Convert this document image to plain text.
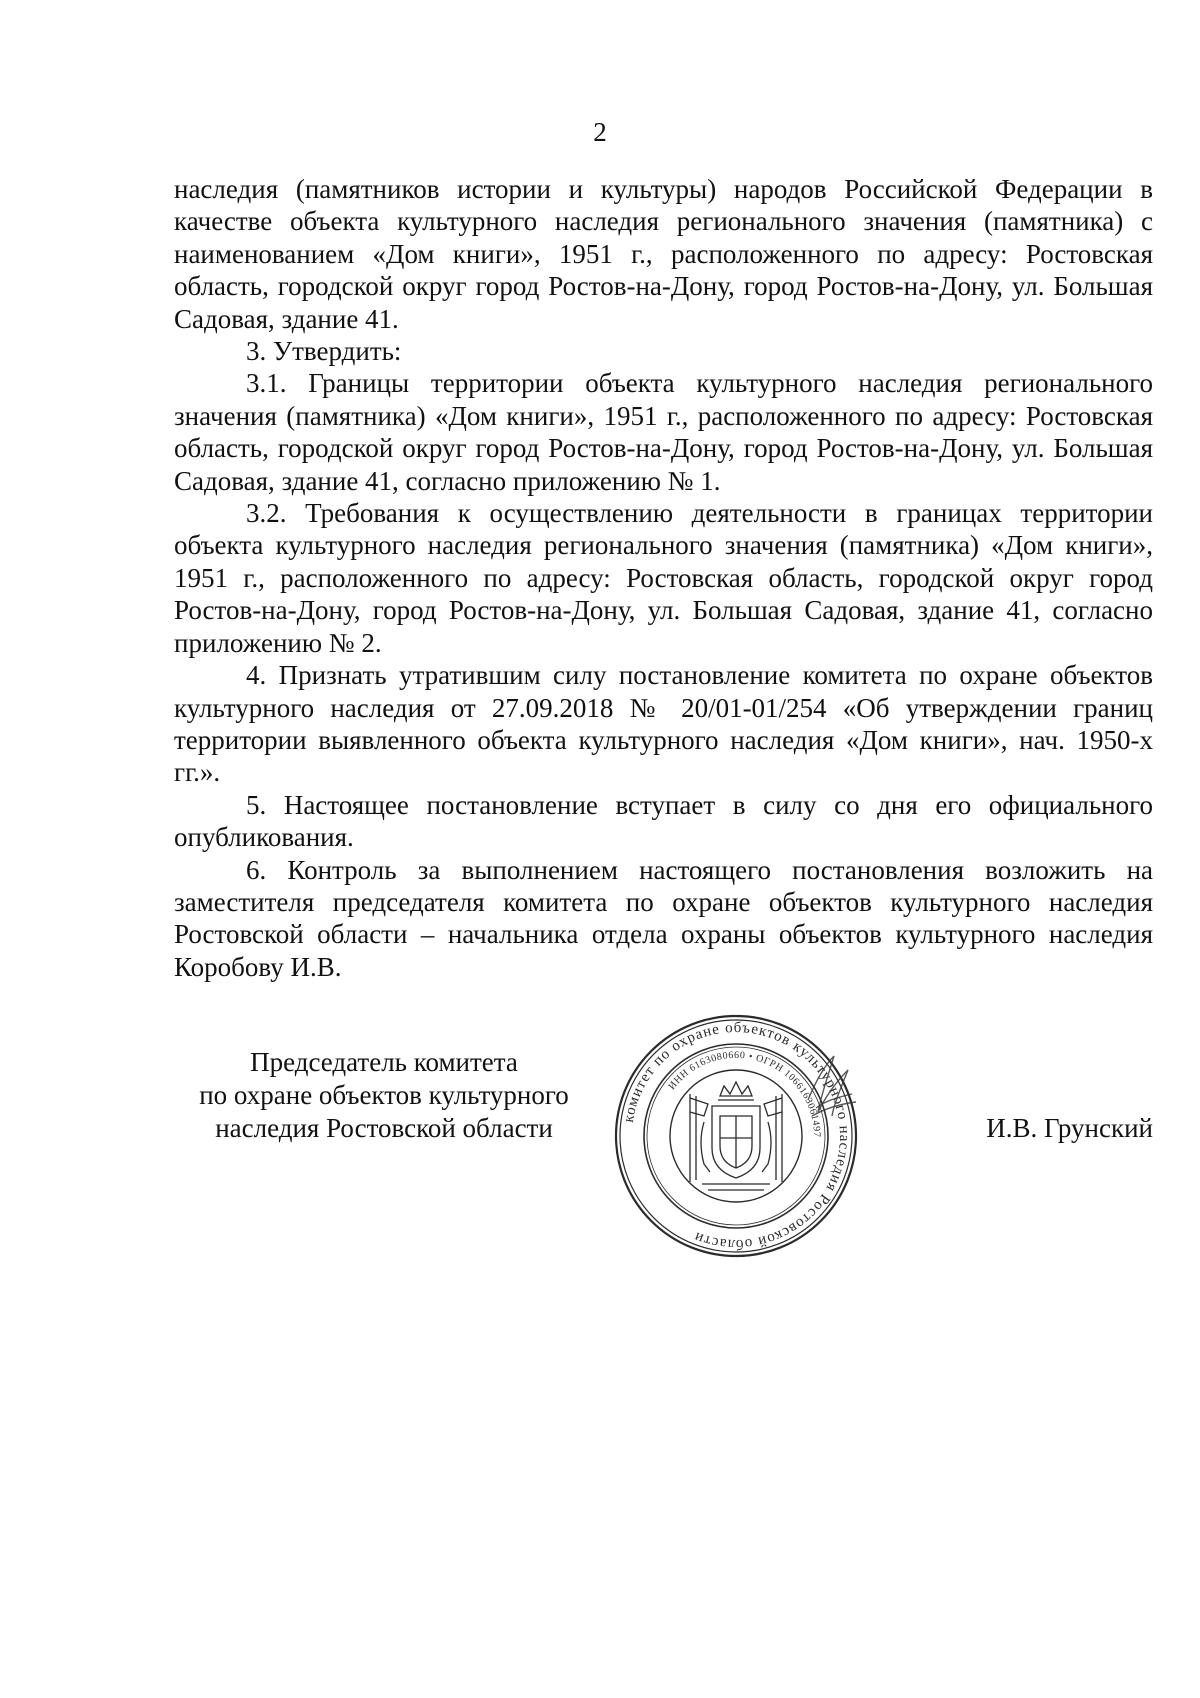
2

наследия (памятников истории и культуры) народов Российской Федерации в качестве объекта культурного наследия регионального значения (памятника) с наименованием «Дом книги», 1951 г., расположенного по адресу: Ростовская область, городской округ город Ростов-на-Дону, город Ростов-на-Дону, ул. Большая Садовая, здание 41.

3. Утвердить:

3.1. Границы территории объекта культурного наследия регионального значения (памятника) «Дом книги», 1951 г., расположенного по адресу: Ростовская область, городской округ город Ростов-на-Дону, город Ростов-на-Дону, ул. Большая Садовая, здание 41, согласно приложению № 1.

3.2. Требования к осуществлению деятельности в границах территории объекта культурного наследия регионального значения (памятника) «Дом книги», 1951 г., расположенного по адресу: Ростовская область, городской округ город Ростов-на-Дону, город Ростов-на-Дону, ул. Большая Садовая, здание 41, согласно приложению № 2.

4. Признать утратившим силу постановление комитета по охране объектов культурного наследия от 27.09.2018 № 20/01-01/254 «Об утверждении границ территории выявленного объекта культурного наследия «Дом книги», нач. 1950-х гг.».

5. Настоящее постановление вступает в силу со дня его официального опубликования.

6. Контроль за выполнением настоящего постановления возложить на заместителя председателя комитета по охране объектов культурного наследия Ростовской области – начальника отдела охраны объектов культурного наследия Коробову И.В.

Председатель комитета
по охране объектов культурного
наследия Ростовской области	комитет по охране объектов культурного наследия Ростовской области
ИНН 6163080660 • ОГРН 1066163061497	И.В. Грунский
